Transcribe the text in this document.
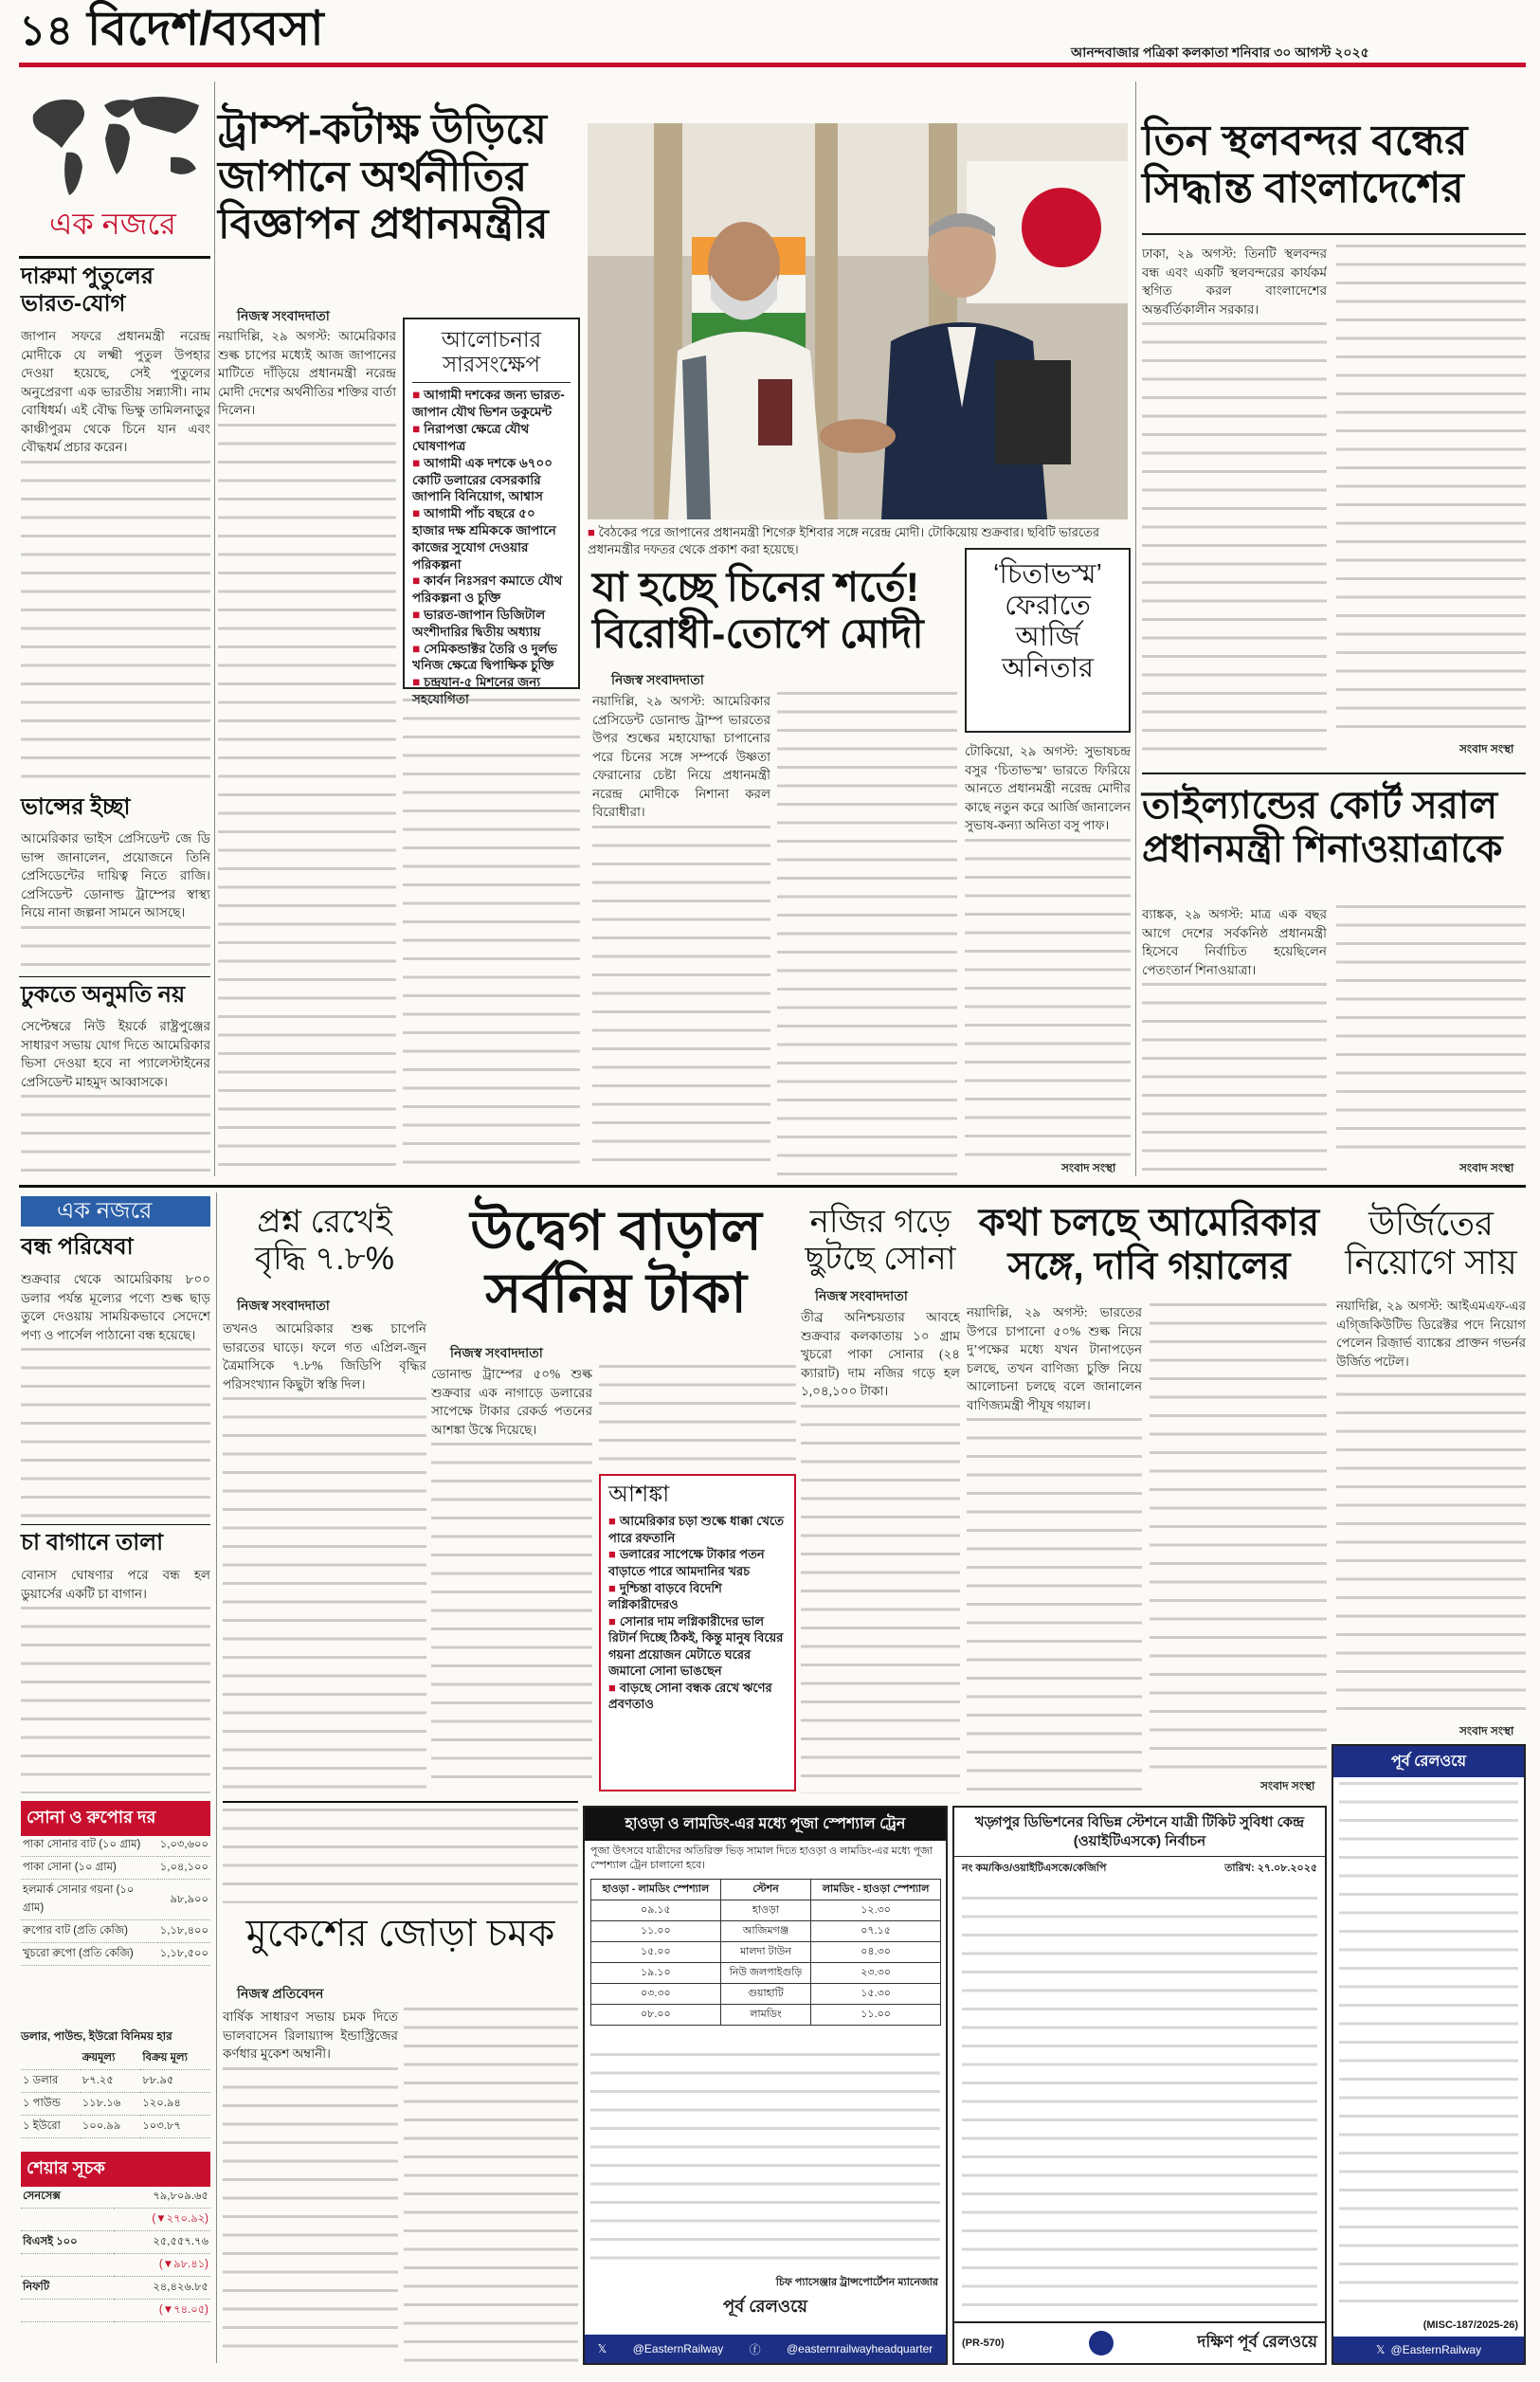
১৪ বিদেশ/ব্যবসা	আনন্দবাজার পত্রিকা কলকাতা শনিবার ৩০ আগস্ট ২০২৫
এক নজরে
দারুমা পুতুলের ভারত-যোগ

জাপান সফরে প্রধানমন্ত্রী নরেন্দ্র মোদীকে যে লক্ষ্মী পুতুল উপহার দেওয়া হয়েছে, সেই পুতুলের অনুপ্রেরণা এক ভারতীয় সন্ন্যাসী। নাম বোধিধর্ম। এই বৌদ্ধ ভিক্ষু তামিলনাড়ুর কাঞ্চীপুরম থেকে চিনে যান এবং বৌদ্ধধর্ম প্রচার করেন।

ভান্সের ইচ্ছা

আমেরিকার ভাইস প্রেসিডেন্ট জে ডি ভান্স জানালেন, প্রয়োজনে তিনি প্রেসিডেন্টের দায়িত্ব নিতে রাজি। প্রেসিডেন্ট ডোনাল্ড ট্রাম্পের স্বাস্থ্য নিয়ে নানা জল্পনা সামনে আসছে।

ঢুকতে অনুমতি নয়

সেপ্টেম্বরে নিউ ইয়র্কে রাষ্ট্রপুঞ্জের সাধারণ সভায় যোগ দিতে আমেরিকার ভিসা দেওয়া হবে না প্যালেস্টাইনের প্রেসিডেন্ট মাহমুদ আব্বাসকে।

ট্রাম্প-কটাক্ষ উড়িয়ে
জাপানে অর্থনীতির
বিজ্ঞাপন প্রধানমন্ত্রীর
নিজস্ব সংবাদদাতা

নয়াদিল্লি, ২৯ অগস্ট: আমেরিকার শুল্ক চাপের মধ্যেই আজ জাপানের মাটিতে দাঁড়িয়ে প্রধানমন্ত্রী নরেন্দ্র মোদী দেশের অর্থনীতির শক্তির বার্তা দিলেন।

আলোচনার
সারসংক্ষেপ
■ আগামী দশকের জন্য ভারত-জাপান যৌথ ভিশন ডকুমেন্ট
■ নিরাপত্তা ক্ষেত্রে যৌথ ঘোষণাপত্র
■ আগামী এক দশকে ৬৭০০ কোটি ডলারের বেসরকারি জাপানি বিনিয়োগ, আশ্বাস
■ আগামী পাঁচ বছরে ৫০ হাজার দক্ষ শ্রমিককে জাপানে কাজের সুযোগ দেওয়ার পরিকল্পনা
■ কার্বন নিঃসরণ কমাতে যৌথ পরিকল্পনা ও চুক্তি
■ ভারত-জাপান ডিজিটাল অংশীদারির দ্বিতীয় অধ্যায়
■ সেমিকন্ডাক্টর তৈরি ও দুর্লভ খনিজ ক্ষেত্রে দ্বিপাক্ষিক চুক্তি
■ চন্দ্রযান-৫ মিশনের জন্য সহযোগিতা
■ বৈঠকের পরে জাপানের প্রধানমন্ত্রী শিগেরু ইশিবার সঙ্গে নরেন্দ্র মোদী। টোকিয়োয় শুক্রবার। ছবিটি ভারতের প্রধানমন্ত্রীর দফতর থেকে প্রকাশ করা হয়েছে।
যা হচ্ছে চিনের শর্তে!
বিরোধী-তোপে মোদী
নিজস্ব সংবাদদাতা

নয়াদিল্লি, ২৯ অগস্ট: আমেরিকার প্রেসিডেন্ট ডোনাল্ড ট্রাম্প ভারতের উপর শুল্কের মহাযোদ্ধা চাপানোর পরে চিনের সঙ্গে সম্পর্কে উষ্ণতা ফেরানোর চেষ্টা নিয়ে প্রধানমন্ত্রী নরেন্দ্র মোদীকে নিশানা করল বিরোধীরা।

‘চিতাভস্ম’
ফেরাতে
আর্জি
অনিতার

টোকিয়ো, ২৯ অগস্ট: সুভাষচন্দ্র বসুর ‘চিতাভস্ম’ ভারতে ফিরিয়ে আনতে প্রধানমন্ত্রী নরেন্দ্র মোদীর কাছে নতুন করে আর্জি জানালেন সুভাষ-কন্যা অনিতা বসু পাফ।

সংবাদ সংস্থা
তিন স্থলবন্দর বন্ধের
সিদ্ধান্ত বাংলাদেশের

ঢাকা, ২৯ অগস্ট: তিনটি স্থলবন্দর বন্ধ এবং একটি স্থলবন্দরের কার্যকর্ম স্থগিত করল বাংলাদেশের অন্তর্বর্তিকালীন সরকার।

সংবাদ সংস্থা
তাইল্যান্ডের কোর্ট সরাল
প্রধানমন্ত্রী শিনাওয়াত্রাকে

ব্যাঙ্কক, ২৯ অগস্ট: মাত্র এক বছর আগে দেশের সর্বকনিষ্ঠ প্রধানমন্ত্রী হিসেবে নির্বাচিত হয়েছিলেন পেতংতার্ন শিনাওয়াত্রা।

সংবাদ সংস্থা
এক নজরে
বন্ধ পরিষেবা

শুক্রবার থেকে আমেরিকায় ৮০০ ডলার পর্যন্ত মূল্যের পণ্যে শুল্ক ছাড় তুলে দেওয়ায় সাময়িকভাবে সেদেশে পণ্য ও পার্সেল পাঠানো বন্ধ হয়েছে।

চা বাগানে তালা

বোনাস ঘোষণার পরে বন্ধ হল ডুয়ার্সের একটি চা বাগান।

সোনা ও রুপোর দর
পাকা সোনার বাট (১০ গ্রাম)	১,০৩,৬০০
পাকা সোনা (১০ গ্রাম)	১,০৪,১০০
হলমার্ক সোনার গয়না (১০ গ্রাম)	৯৮,৯০০
রুপোর বাট (প্রতি কেজি)	১,১৮,৪০০
খুচরো রুপো (প্রতি কেজি)	১,১৮,৫০০
ডলার, পাউন্ড, ইউরো বিনিময় হার
	ক্রয়মূল্য	বিক্রয় মূল্য
১ ডলার	৮৭.২৫	৮৮.৯৫
১ পাউন্ড	১১৮.১৬	১২০.৯৪
১ ইউরো	১০০.৯৯	১০৩.৮৭
শেয়ার সূচক
সেনসেক্স	৭৯,৮০৯.৬৫
	(▼২৭০.৯২)
বিএসই ১০০	২৫,৫৫৭.৭৬
	(▼৯৮.৪১)
নিফটি	২৪,৪২৬.৮৫
	(▼৭৪.০৫)
প্রশ্ন রেখেই
বৃদ্ধি ৭.৮%
নিজস্ব সংবাদদাতা

তখনও আমেরিকার শুল্ক চাপেনি ভারতের ঘাড়ে। ফলে গত এপ্রিল-জুন ত্রৈমাসিকে ৭.৮% জিডিপি বৃদ্ধির পরিসংখ্যান কিছুটা স্বস্তি দিল।

উদ্বেগ বাড়াল
সর্বনিম্ন টাকা
নিজস্ব সংবাদদাতা

ডোনাল্ড ট্রাম্পের ৫০% শুল্ক শুক্রবার এক নাগাড়ে ডলারের সাপেক্ষে টাকার রেকর্ড পতনের আশঙ্কা উস্কে দিয়েছে।

আশঙ্কা
■ আমেরিকার চড়া শুল্কে ধাক্কা খেতে পারে রফতানি
■ ডলারের সাপেক্ষে টাকার পতন বাড়াতে পারে আমদানির খরচ
■ দুশ্চিন্তা বাড়বে বিদেশি লগ্নিকারীদেরও
■ সোনার দাম লগ্নিকারীদের ভাল রিটার্ন দিচ্ছে ঠিকই, কিন্তু মানুষ বিয়ের গয়না প্রয়োজন মেটাতে ঘরের জমানো সোনা ভাঙছেন
■ বাড়ছে সোনা বন্ধক রেখে ঋণের প্রবণতাও
নজির গড়ে
ছুটছে সোনা
নিজস্ব সংবাদদাতা

তীব্র অনিশ্চয়তার আবহে শুক্রবার কলকাতায় ১০ গ্রাম খুচরো পাকা সোনার (২৪ ক্যারাট) দাম নজির গড়ে হল ১,০৪,১০০ টাকা।

কথা চলছে আমেরিকার
সঙ্গে, দাবি গয়ালের

নয়াদিল্লি, ২৯ অগস্ট: ভারতের উপরে চাপানো ৫০% শুল্ক নিয়ে দু’পক্ষের মধ্যে যখন টানাপড়েন চলছে, তখন বাণিজ্য চুক্তি নিয়ে আলোচনা চলছে বলে জানালেন বাণিজ্যমন্ত্রী পীযূষ গয়াল।

সংবাদ সংস্থা
উর্জিতের
নিয়োগে সায়

নয়াদিল্লি, ২৯ অগস্ট: আইএমএফ-এর এগ্জিকিউটিভ ডিরেক্টর পদে নিয়োগ পেলেন রিজ়ার্ভ ব্যাঙ্কের প্রাক্তন গভর্নর উর্জিত পটেল।

সংবাদ সংস্থা
মুকেশের জোড়া চমক
নিজস্ব প্রতিবেদন

বার্ষিক সাধারণ সভায় চমক দিতে ভালবাসেন রিলায়্যান্স ইন্ডাস্ট্রিজের কর্ণধার মুকেশ অম্বানী।

হাওড়া ও লামডিং-এর মধ্যে পূজা স্পেশ্যাল ট্রেন
পূজা উৎসবে যাত্রীদের অতিরিক্ত ভিড় সামাল দিতে হাওড়া ও লামডিং-এর মধ্যে পূজা স্পেশ্যাল ট্রেন চালানো হবে।
হাওড়া - লামডিং স্পেশ্যাল	স্টেশন	লামডিং - হাওড়া স্পেশ্যাল
০৯.১৫	হাওড়া	১২.৩০
১১.০০	আজিমগঞ্জ	০৭.১৫
১৫.০০	মালদা টাউন	০৪.৩০
১৯.১০	নিউ জলপাইগুড়ি	২৩.৩০
০৩.৩০	গুয়াহাটি	১৫.৩০
০৮.০০	লামডিং	১১.০০
চিফ প্যাসেঞ্জার ট্রান্সপোর্টেশন ম্যানেজার
পূর্ব রেলওয়ে
𝕏 @EasternRailway ⓕ @easternrailwayheadquarter
খড়্গপুর ডিভিশনের বিভিন্ন স্টেশনে যাত্রী টিকিট সুবিধা কেন্দ্র (ওয়াইটিএসকে) নির্বাচন
নং কম/কিও/ওয়াইটিএসকে/কেজিপি	তারিখ: ২৭.০৮.২০২৫
(PR-570)	দক্ষিণ পূর্ব রেলওয়ে
পূর্ব রেলওয়ে
(MISC-187/2025-26)
𝕏 @EasternRailway
